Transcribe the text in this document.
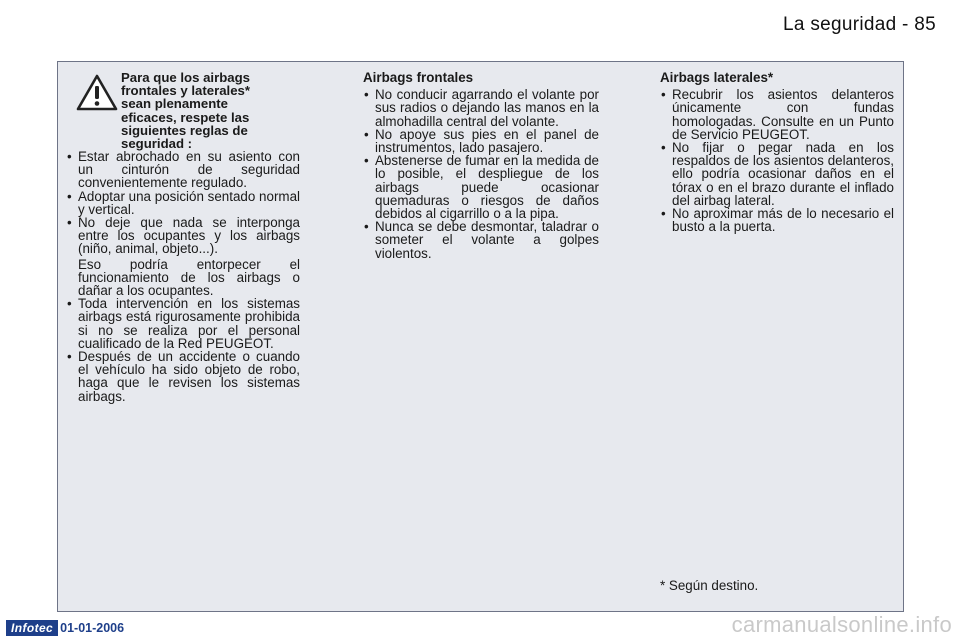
La seguridad - 85
Para que los airbags
frontales y laterales*
sean plenamente
eficaces, respete las
siguientes reglas de
seguridad :
• Estar abrochado en su asiento con un cinturón de seguridad convenientemente regulado.
• Adoptar una posición sentado normal y vertical.
• No deje que nada se interponga entre los ocupantes y los airbags (niño, animal, objeto...).
Eso podría entorpecer el funcionamiento de los airbags o dañar a los ocupantes.
• Toda intervención en los sistemas airbags está rigurosamente prohibida si no se realiza por el personal cualificado de la Red PEUGEOT.
• Después de un accidente o cuando el vehículo ha sido objeto de robo, haga que le revisen los sistemas airbags.
Airbags frontales
• No conducir agarrando el volante por sus radios o dejando las manos en la almohadilla central del volante.
• No apoye sus pies en el panel de instrumentos, lado pasajero.
• Abstenerse de fumar en la medida de lo posible, el despliegue de los airbags puede ocasionar quemaduras o riesgos de daños debidos al cigarrillo o a la pipa.
• Nunca se debe desmontar, taladrar o someter el volante a golpes violentos.
Airbags laterales*
• Recubrir los asientos delanteros únicamente con fundas homologadas. Consulte en un Punto de Servicio PEUGEOT.
• No fijar o pegar nada en los respaldos de los asientos delanteros, ello podría ocasionar daños en el tórax o en el brazo durante el inflado del airbag lateral.
• No aproximar más de lo necesario el busto a la puerta.
* Según destino.
Infotec 01-01-2006	carmanualsonline.info
